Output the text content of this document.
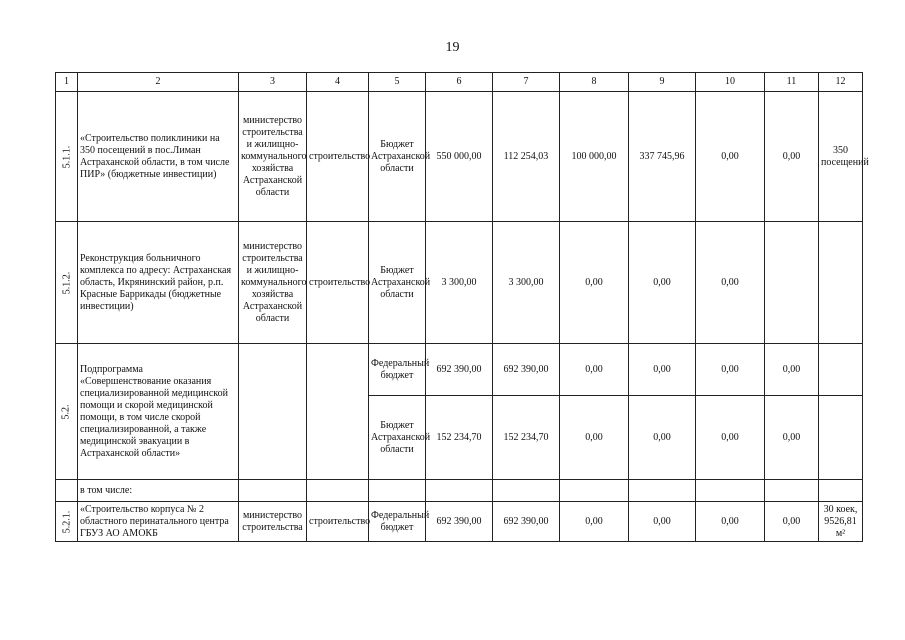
19
1	2	3	4	5	6	7	8	9	10	11	12
5.1.1.	«Строительство поликлиники на 350 посещений в пос.Лиман Астраханской области, в том числе ПИР» (бюджетные инвестиции)	министерство строительства и жилищно-коммунального хозяйства Астраханской области	строительство	Бюджет Астраханской области	550 000,00	112 254,03	100 000,00	337 745,96	0,00	0,00	350 посещений
5.1.2.	Реконструкция больничного комплекса по адресу: Астраханская область, Икрянинский район, р.п. Красные Баррикады (бюджетные инвестиции)	министерство строительства и жилищно-коммунального хозяйства Астраханской области	строительство	Бюджет Астраханской области	3 300,00	3 300,00	0,00	0,00	0,00		
5.2.	Подпрограмма «Совершенствование оказания специализированной медицинской помощи и скорой медицинской помощи, в том числе скорой специализированной, а также медицинской эвакуации в Астраханской области»			Федеральный бюджет	692 390,00	692 390,00	0,00	0,00	0,00	0,00	
				Бюджет Астраханской области	152 234,70	152 234,70	0,00	0,00	0,00	0,00	
	в том числе:										
5.2.1.	«Строительство корпуса № 2 областного перинатального центра ГБУЗ АО АМОКБ	министерство строительства	строительство	Федеральный бюджет	692 390,00	692 390,00	0,00	0,00	0,00	0,00	30 коек, 9526,81 м²
